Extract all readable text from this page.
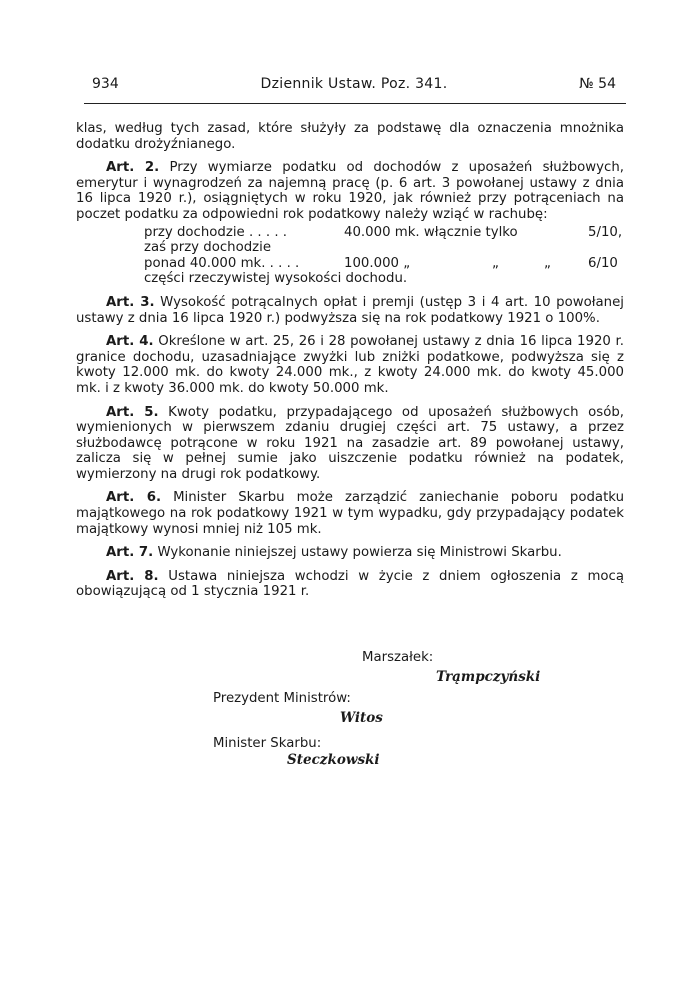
934	Dziennik Ustaw. Poz. 341.	№ 54

klas, według tych zasad, które służyły za podstawę dla oznaczenia mnożnika dodatku drożyźnianego.

Art. 2. Przy wymiarze podatku od dochodów z uposażeń służbowych, emerytur i wynagrodzeń za najemną pracę (p. 6 art. 3 powołanej ustawy z dnia 16 lipca 1920 r.), osiągniętych w roku 1920, jak również przy potrąceniach na poczet podatku za odpowiedni rok podatkowy należy wziąć w rachubę:

przy dochodzie . . . . .	40.000 mk. włącznie tylko	5/10,
zaś przy dochodzie
ponad 40.000 mk. . . . .	100.000 „	„	„	6/10
części rzeczywistej wysokości dochodu.

Art. 3. Wysokość potrącalnych opłat i premji (ustęp 3 i 4 art. 10 powołanej ustawy z dnia 16 lipca 1920 r.) podwyższa się na rok podatkowy 1921 o 100%.

Art. 4. Określone w art. 25, 26 i 28 powołanej ustawy z dnia 16 lipca 1920 r. granice dochodu, uzasadniające zwyżki lub zniżki podatkowe, podwyższa się z kwoty 12.000 mk. do kwoty 24.000 mk., z kwoty 24.000 mk. do kwoty 45.000 mk. i z kwoty 36.000 mk. do kwoty 50.000 mk.

Art. 5. Kwoty podatku, przypadającego od uposażeń służbowych osób, wymienionych w pierwszem zdaniu drugiej części art. 75 ustawy, a przez służbodawcę potrącone w roku 1921 na zasadzie art. 89 powołanej ustawy, zalicza się w pełnej sumie jako uiszczenie podatku również na podatek, wymierzony na drugi rok podatkowy.

Art. 6. Minister Skarbu może zarządzić zaniechanie poboru podatku majątkowego na rok podatkowy 1921 w tym wypadku, gdy przypadający podatek majątkowy wynosi mniej niż 105 mk.

Art. 7. Wykonanie niniejszej ustawy powierza się Ministrowi Skarbu.

Art. 8. Ustawa niniejsza wchodzi w życie z dniem ogłoszenia z mocą obowiązującą od 1 stycznia 1921 r.

Marszałek:
Trąmpczyński
Prezydent Ministrów:
Witos
Minister Skarbu:
Steczkowski
